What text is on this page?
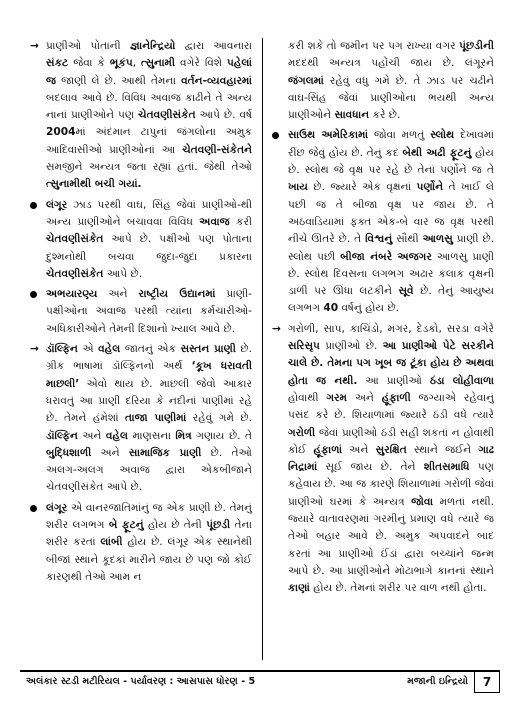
→ પ્રાણીઓ પોતાની જ્ઞાનેન્દ્રિયો દ્વારા આવનારા સંકટ જેવા કે ભૂકંપ, ત્સુનામી વગેરે વિશે પહેલાં જ જાણી લે છે. આથી તેમના વર્તન-વ્યવહારમાં બદલાવ આવે છે. વિવિધ અવાજ કાઢીને તે અન્ય નાનાં પ્રાણીઓને પણ ચેતવણીસંકેત આપે છે. વર્ષ 2004માં અંદમાન ટાપુનાં જંગલોના અમુક આદિવાસીઓ પ્રાણીઓનાં આ ચેતવણી-સંકેતને સમજીને અન્યત્ર જતા રહ્યાં હતાં. જેથી તેઓ ત્સુનામીથી બચી ગયાં.
લંગૂર ઝાડ પરથી વાઘ, સિંહ જેવાં પ્રાણીઓ-થી અન્ય પ્રાણીઓને બચાવવા વિવિધ અવાજ કરી ચેતવણીસંકેત આપે છે. પક્ષીઓ પણ પોતાના દુશ્મનોથી બચવા જુદા-જુદા પ્રકારના ચેતવણીસંકેત આપે છે.
અભયારણ્ય અને રાષ્ટ્રીય ઉદ્યાનમાં પ્રાણી-પક્ષીઓના અવાજ પરથી ત્યાંના કર્મચારીઓ-અધિકારીઓને તેમની દિશાનો ખ્યાલ આવે છે.
→ ડૉલ્ફિન એ વહેલ જાતનું એક સસ્તન પ્રાણી છે. ગ્રીક ભાષામાં ડૉલ્ફિનનો અર્થ ‘કૂખ ધરાવતી માછલી’ એવો થાય છે. માછલી જેવો આકાર ધરાવતું આ પ્રાણી દરિયા કે નદીનાં પાણીમાં રહે છે. તેમને હંમેશાં તાજા પાણીમાં રહેવું ગમે છે. ડૉલ્ફિન અને વહેલ માણસના મિત્ર ગણાય છે. તે બુદ્ધિશાળી અને સામાજિક પ્રાણી છે. તેઓ અલગ-અલગ અવાજ દ્વારા એકબીજાને ચેતવણીસંકેત આપે છે.
લંગૂર એ વાનરજાતિમાંનું જ એક પ્રાણી છે. તેમનું શરીર લગભગ બે ફૂટનું હોય છે તેની પૂંછડી તેના શરીર કરતાં લાંબી હોય છે. લંગૂર એક સ્થાનેથી બીજાં સ્થાને કૂદકાં મારીને જાય છે પણ જો કોઈ કારણથી તેઓ આમ ન
કરી શકે તો જમીન પર પગ રાખ્યા વગર પૂંછડીની મદદથી અન્યત્ર પહોંચી જાય છે. લંગૂરને જંગલમાં રહેવું વધુ ગમે છે. તે ઝાડ પર ચઢીને વાઘ-સિંહ જેવાં પ્રાણીઓના ભયથી અન્ય પ્રાણીઓને સાવધાન કરે છે.
સાઉથ અમેરિકામાં જોવા મળતું સ્લોથ દેખાવમાં રીંછ જેવું હોય છે. તેનું કદ બેથી અઢી ફૂટનું હોય છે. સ્લોથ જે વૃક્ષ પર રહે છે તેનાં પર્ણોને જ તે ખાય છે. જ્યારે એક વૃક્ષનાં પર્ણોને તે ખાઈ લે પછી જ તે બીજા વૃક્ષ પર જાય છે. તે અઠવાડિયામાં ફક્ત એક-બે વાર જ વૃક્ષ પરથી નીચે ઊતરે છે. તે વિશ્વનું સૌથી આળસુ પ્રાણી છે. સ્લોથ પછી બીજા નંબરે અજગર આળસુ પ્રાણી છે. સ્લોથ દિવસના લગભગ અઢાર કલાક વૃક્ષની ડાળી પર ઊંધા લટકીને સૂવે છે. તેનું આયુષ્ય લગભગ 40 વર્ષનું હોય છે.
→ ગરોળી, સાપ, કાચિંડો, મગર, દેડકો, સરડા વગેરે સરિસૃપ પ્રાણીઓ છે. આ પ્રાણીઓ પેટે સરકીને ચાલે છે. તેમના પગ ખૂબ જ ટૂંકા હોય છે અથવા હોતા જ નથી. આ પ્રાણીઓ ઠંડા લોહીવાળા હોવાથી ગરમ અને હૂંફાળી જગ્યાએ રહેવાનું પસંદ કરે છે. શિયાળામાં જ્યારે ઠંડી વધે ત્યારે ગરોળી જેવાં પ્રાણીઓ ઠંડી સહી શકતાં ન હોવાથી કોઈ હૂંફાળાં અને સુરક્ષિત સ્થાને જઈને ગાઢ નિદ્રામાં સૂઈ જાય છે. તેને શીતસમાધિ પણ કહેવાય છે. આ જ કારણે શિયાળામાં ગરોળી જેવાં પ્રાણીઓ ઘરમાં કે અન્યત્ર જોવા મળતાં નથી. જ્યારે વાતાવરણમાં ગરમીનું પ્રમાણ વધે ત્યારે જ તેઓ બહાર આવે છે. અમુક અપવાદને બાદ કરતાં આ પ્રાણીઓ ઈંડાં દ્વારા બચ્ચાંને જન્મ આપે છે. આ પ્રાણીઓને મોટાભાગે કાનનાં સ્થાને કાણાં હોય છે. તેમનાં શરીર પર વાળ નથી હોતા.
અલંકાર સ્ટડી મટીરિયલ - પર્યાવરણ : આસપાસ ધોરણ - 5	મજાની ઇન્દ્રિયો	7
